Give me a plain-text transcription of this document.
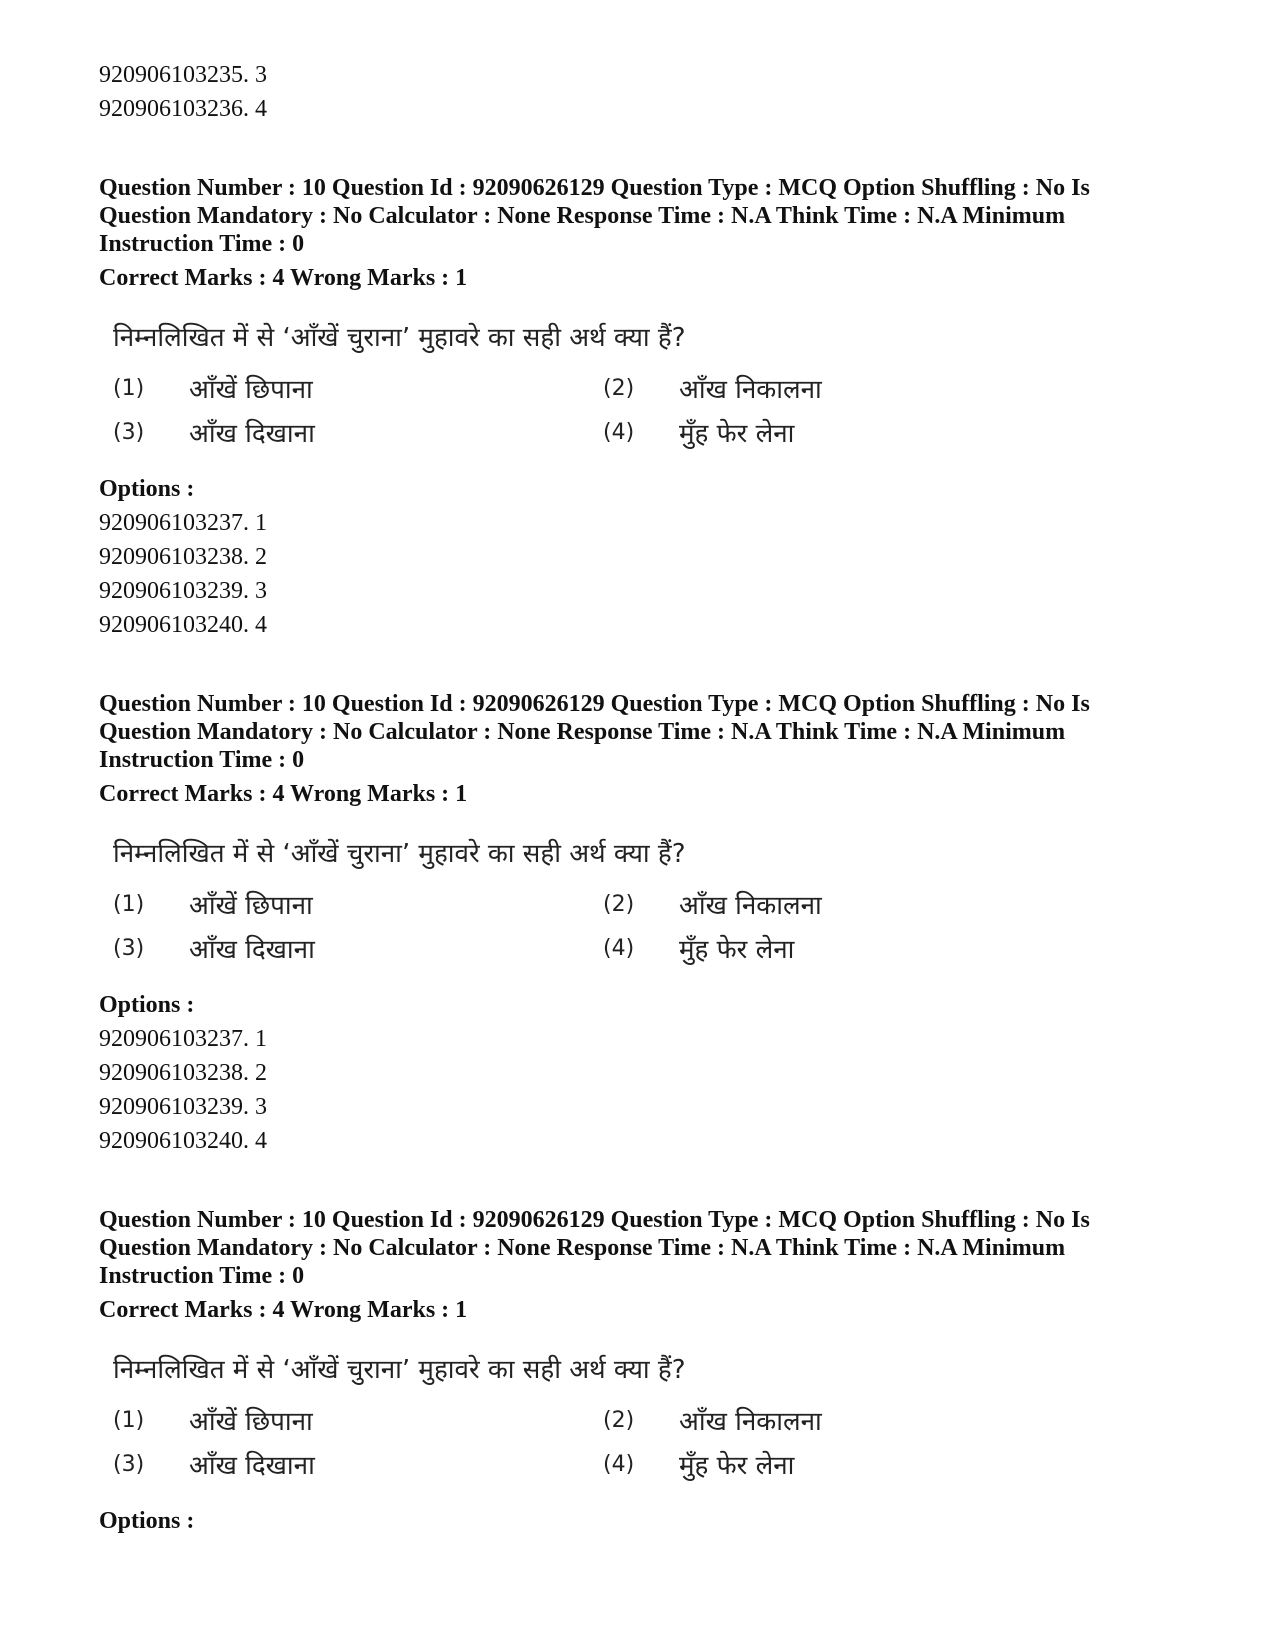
920906103235. 3
920906103236. 4
Question Number : 10 Question Id : 92090626129 Question Type : MCQ Option Shuffling : No Is
Question Mandatory : No Calculator : None Response Time : N.A Think Time : N.A Minimum
Instruction Time : 0
Correct Marks : 4 Wrong Marks : 1
निम्नलिखित में से ‘आँखें चुराना’ मुहावरे का सही अर्थ क्या हैं?
(1)	आँखें छिपाना	(2)	आँख निकालना
(3)	आँख दिखाना	(4)	मुँह फेर लेना
Options :
920906103237. 1
920906103238. 2
920906103239. 3
920906103240. 4
Question Number : 10 Question Id : 92090626129 Question Type : MCQ Option Shuffling : No Is
Question Mandatory : No Calculator : None Response Time : N.A Think Time : N.A Minimum
Instruction Time : 0
Correct Marks : 4 Wrong Marks : 1
निम्नलिखित में से ‘आँखें चुराना’ मुहावरे का सही अर्थ क्या हैं?
(1)	आँखें छिपाना	(2)	आँख निकालना
(3)	आँख दिखाना	(4)	मुँह फेर लेना
Options :
920906103237. 1
920906103238. 2
920906103239. 3
920906103240. 4
Question Number : 10 Question Id : 92090626129 Question Type : MCQ Option Shuffling : No Is
Question Mandatory : No Calculator : None Response Time : N.A Think Time : N.A Minimum
Instruction Time : 0
Correct Marks : 4 Wrong Marks : 1
निम्नलिखित में से ‘आँखें चुराना’ मुहावरे का सही अर्थ क्या हैं?
(1)	आँखें छिपाना	(2)	आँख निकालना
(3)	आँख दिखाना	(4)	मुँह फेर लेना
Options :
